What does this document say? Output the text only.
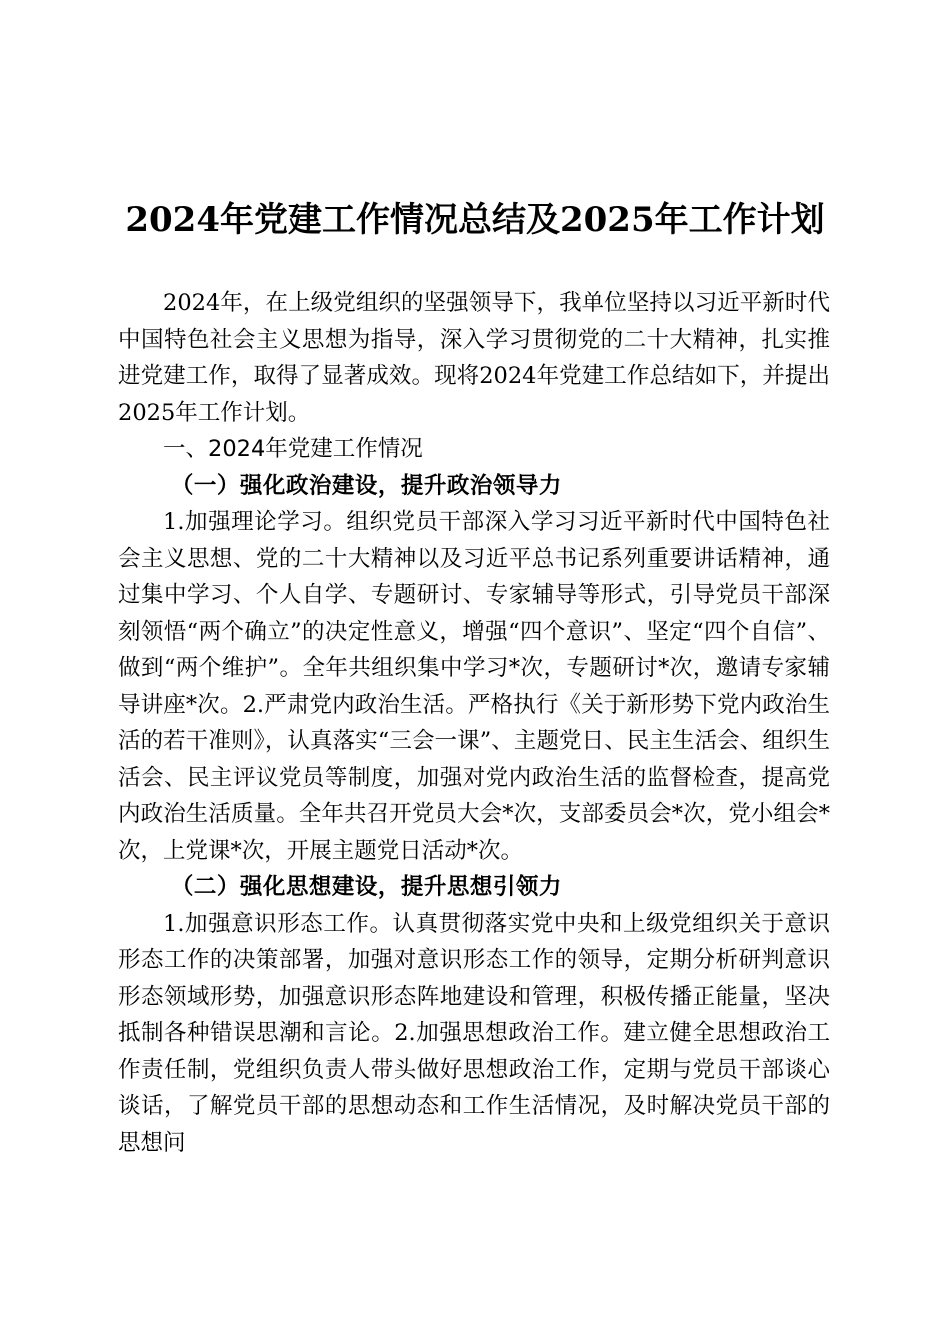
2024年党建工作情况总结及2025年工作计划

2024年，在上级党组织的坚强领导下，我单位坚持以习近平新时代中国特色社会主义思想为指导，深入学习贯彻党的二十大精神，扎实推进党建工作，取得了显著成效。现将2024年党建工作总结如下，并提出2025年工作计划。

一、2024年党建工作情况

（一）强化政治建设，提升政治领导力

1.加强理论学习。组织党员干部深入学习习近平新时代中国特色社会主义思想、党的二十大精神以及习近平总书记系列重要讲话精神，通过集中学习、个人自学、专题研讨、专家辅导等形式，引导党员干部深刻领悟“两个确立”的决定性意义，增强“四个意识”、坚定“四个自信”、做到“两个维护”。全年共组织集中学习*次，专题研讨*次，邀请专家辅导讲座*次。2.严肃党内政治生活。严格执行《关于新形势下党内政治生活的若干准则》，认真落实“三会一课”、主题党日、民主生活会、组织生活会、民主评议党员等制度，加强对党内政治生活的监督检查，提高党内政治生活质量。全年共召开党员大会*次，支部委员会*次，党小组会*次，上党课*次，开展主题党日活动*次。

（二）强化思想建设，提升思想引领力

1.加强意识形态工作。认真贯彻落实党中央和上级党组织关于意识形态工作的决策部署，加强对意识形态工作的领导，定期分析研判意识形态领域形势，加强意识形态阵地建设和管理，积极传播正能量，坚决抵制各种错误思潮和言论。2.加强思想政治工作。建立健全思想政治工作责任制，党组织负责人带头做好思想政治工作，定期与党员干部谈心谈话，了解党员干部的思想动态和工作生活情况，及时解决党员干部的思想问
